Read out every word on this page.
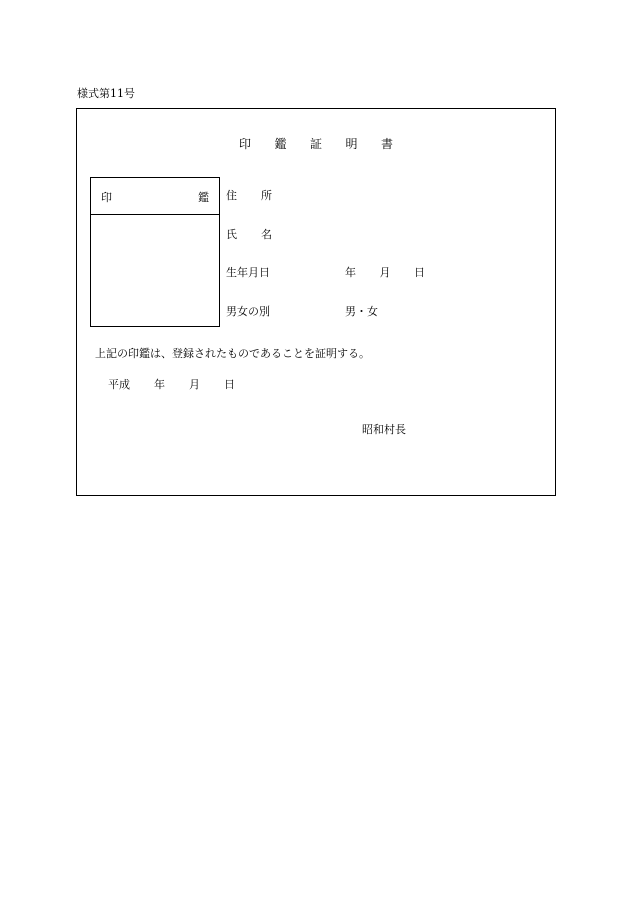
様式第11号
印 鑑 証 明 書
印	鑑 住 所
氏 名
生年月日	年 月 日
男女の別	男・女
上記の印鑑は、登録されたものであることを証明する。
平成 年 月 日
昭和村長
